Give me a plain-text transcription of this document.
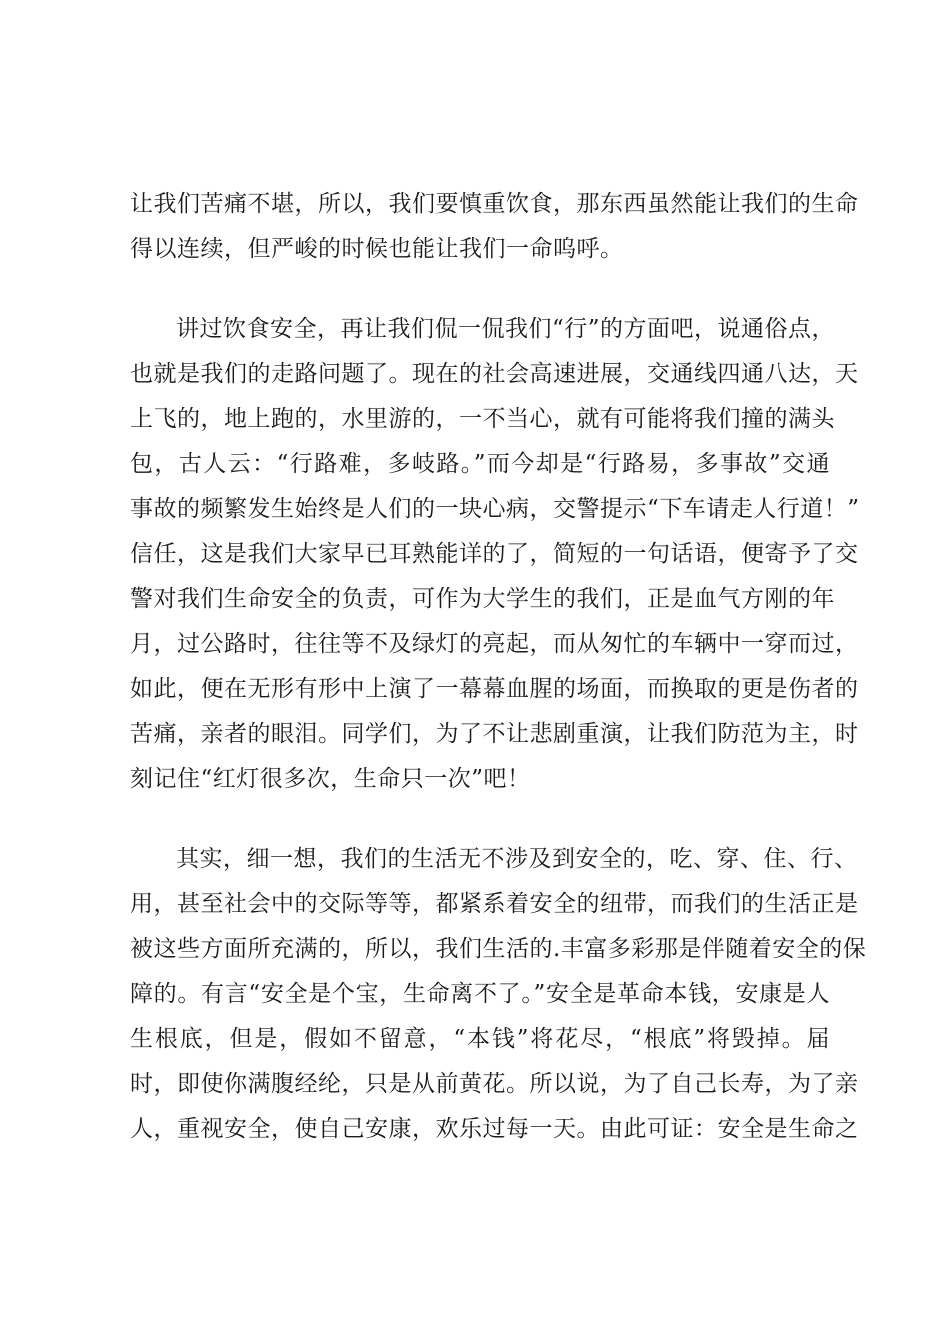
让我们苦痛不堪，所以，我们要慎重饮食，那东西虽然能让我们的生命
得以连续，但严峻的时候也能让我们一命呜呼。
讲过饮食安全，再让我们侃一侃我们“行”的方面吧，说通俗点，
也就是我们的走路问题了。现在的社会高速进展，交通线四通八达，天
上飞的，地上跑的，水里游的，一不当心，就有可能将我们撞的满头
包，古人云：“行路难，多岐路。”而今却是“行路易，多事故”交通
事故的频繁发生始终是人们的一块心病，交警提示“下车请走人行道！”
信任，这是我们大家早已耳熟能详的了，简短的一句话语，便寄予了交
警对我们生命安全的负责，可作为大学生的我们，正是血气方刚的年
月，过公路时，往往等不及绿灯的亮起，而从匆忙的车辆中一穿而过，
如此，便在无形有形中上演了一幕幕血腥的场面，而换取的更是伤者的
苦痛，亲者的眼泪。同学们，为了不让悲剧重演，让我们防范为主，时
刻记住“红灯很多次，生命只一次”吧！
其实，细一想，我们的生活无不涉及到安全的，吃、穿、住、行、
用，甚至社会中的交际等等，都紧系着安全的纽带，而我们的生活正是
被这些方面所充满的，所以，我们生活的.丰富多彩那是伴随着安全的保
障的。有言“安全是个宝，生命离不了。”安全是革命本钱，安康是人
生根底，但是，假如不留意，“本钱”将花尽，“根底”将毁掉。届
时，即使你满腹经纶，只是从前黄花。所以说，为了自己长寿，为了亲
人，重视安全，使自己安康，欢乐过每一天。由此可证：安全是生命之
